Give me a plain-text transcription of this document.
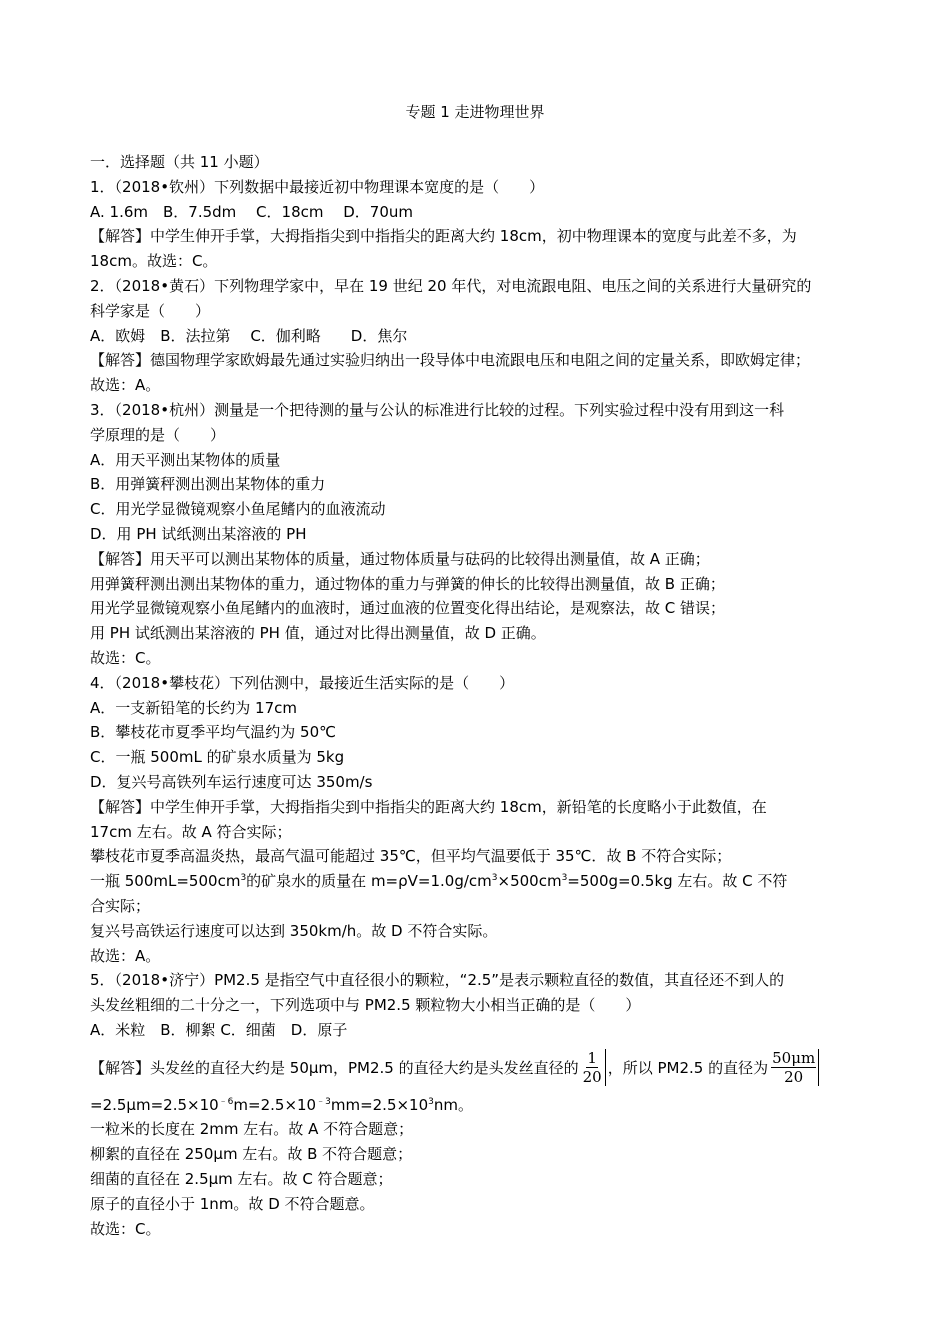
专题 1 走进物理世界
一．选择题（共 11 小题）
1．（2018•钦州）下列数据中最接近初中物理课本宽度的是（　　）
A. 1.6m　B．7.5dm　 C．18cm　 D．70um
【解答】中学生伸开手掌，大拇指指尖到中指指尖的距离大约 18cm，初中物理课本的宽度与此差不多，为
18cm。故选：C。
2．（2018•黄石）下列物理学家中，早在 19 世纪 20 年代，对电流跟电阻、电压之间的关系进行大量研究的
科学家是（　　）
A．欧姆　B．法拉第　 C．伽利略　　D．焦尔
【解答】德国物理学家欧姆最先通过实验归纳出一段导体中电流跟电压和电阻之间的定量关系，即欧姆定律；
故选：A。
3．（2018•杭州）测量是一个把待测的量与公认的标准进行比较的过程。下列实验过程中没有用到这一科
学原理的是（　　）
A．用天平测出某物体的质量
B．用弹簧秤测出测出某物体的重力
C．用光学显微镜观察小鱼尾鳍内的血液流动
D．用 PH 试纸测出某溶液的 PH
【解答】用天平可以测出某物体的质量，通过物体质量与砝码的比较得出测量值，故 A 正确；
用弹簧秤测出测出某物体的重力，通过物体的重力与弹簧的伸长的比较得出测量值，故 B 正确；
用光学显微镜观察小鱼尾鳍内的血液时，通过血液的位置变化得出结论，是观察法，故 C 错误；
用 PH 试纸测出某溶液的 PH 值，通过对比得出测量值，故 D 正确。
故选：C。
4．（2018•攀枝花）下列估测中，最接近生活实际的是（　　）
A．一支新铅笔的长约为 17cm
B．攀枝花市夏季平均气温约为 50℃
C．一瓶 500mL 的矿泉水质量为 5kg
D．复兴号高铁列车运行速度可达 350m/s
【解答】中学生伸开手掌，大拇指指尖到中指指尖的距离大约 18cm，新铅笔的长度略小于此数值，在
17cm 左右。故 A 符合实际；
攀枝花市夏季高温炎热，最高气温可能超过 35℃，但平均气温要低于 35℃．故 B 不符合实际；
一瓶 $500mL=500cm^3$的矿泉水的质量在 $m=\rho V=1.0g/cm^3\times 500cm^3=500g=0.5kg$ 左右。故 C 不符
合实际；
复兴号高铁运行速度可以达到 350km/h。故 D 不符合实际。
故选：A。
5．（2018•济宁）PM2.5 是指空气中直径很小的颗粒，“2.5”是表示颗粒直径的数值，其直径还不到人的
头发丝粗细的二十分之一，下列选项中与 PM2.5 颗粒物大小相当正确的是（　　）
A．米粒　B．柳絮 C．细菌　D．原子
【解答】头发丝的直径大约是 50μm，PM2.5 的直径大约是头发丝直径的 $\frac{1}{20}$ ，所以 PM2.5 的直径为 $\frac{50\mu m}{20}$
$=2.5\mu m=2.5\times 10^{﹣6}m=2.5\times 10^{﹣3}mm=2.5\times 10^3nm$。
一粒米的长度在 2mm 左右。故 A 不符合题意；
柳絮的直径在 250μm 左右。故 B 不符合题意；
细菌的直径在 2.5μm 左右。故 C 符合题意；
原子的直径小于 1nm。故 D 不符合题意。
故选：C。
